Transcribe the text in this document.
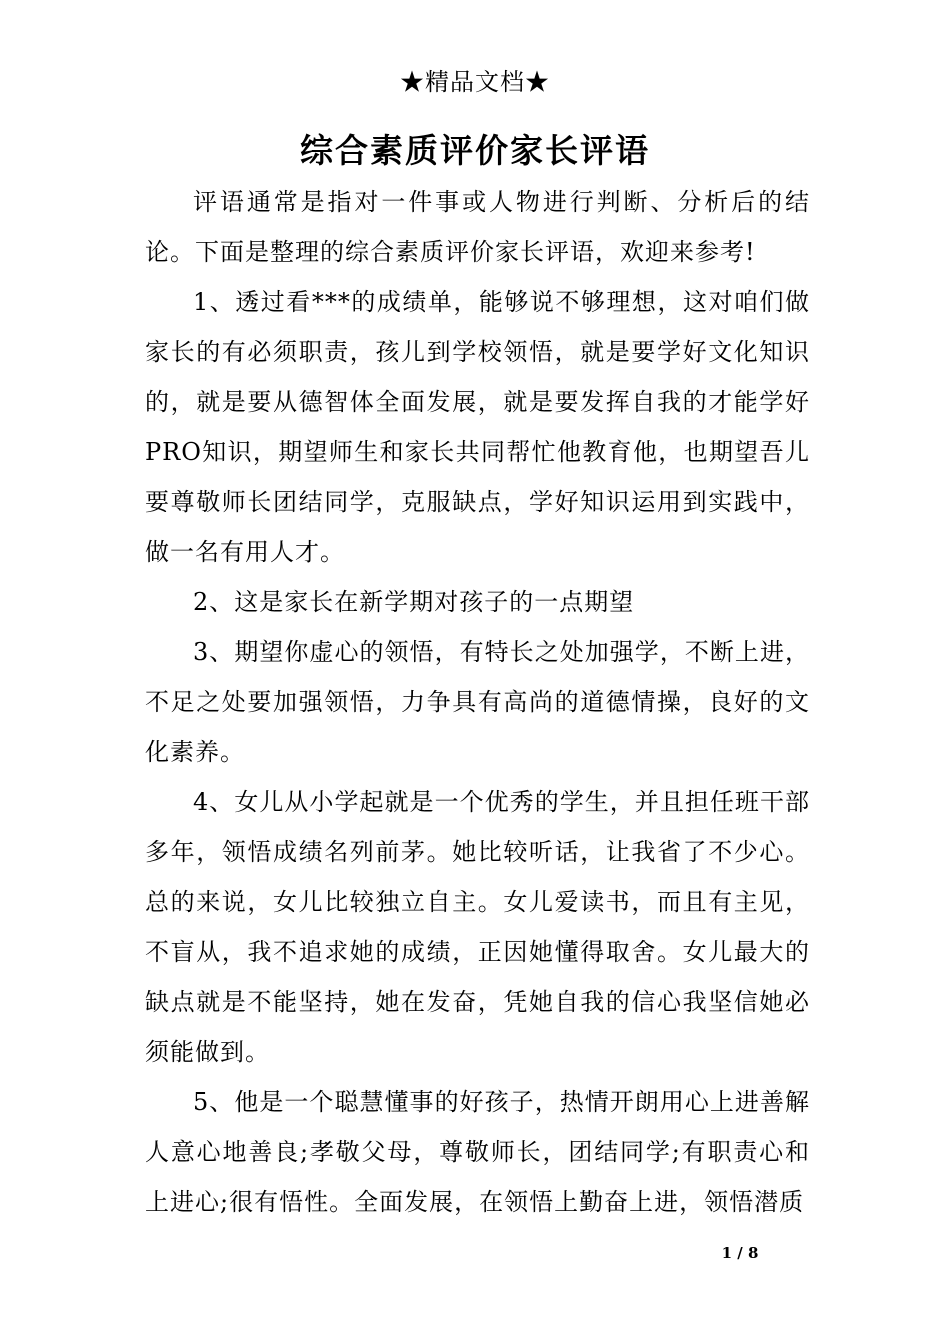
★精品文档★
综合素质评价家长评语

评语通常是指对一件事或人物进行判断、分析后的结论。下面是整理的综合素质评价家长评语，欢迎来参考!

1、透过看***的成绩单，能够说不够理想，这对咱们做家长的有必须职责，孩儿到学校领悟，就是要学好文化知识的，就是要从德智体全面发展，就是要发挥自我的才能学好PRO知识，期望师生和家长共同帮忙他教育他，也期望吾儿要尊敬师长团结同学，克服缺点，学好知识运用到实践中，做一名有用人才。

2、这是家长在新学期对孩子的一点期望

3、期望你虚心的领悟，有特长之处加强学，不断上进，不足之处要加强领悟，力争具有高尚的道德情操，良好的文化素养。

4、女儿从小学起就是一个优秀的学生，并且担任班干部多年，领悟成绩名列前茅。她比较听话，让我省了不少心。总的来说，女儿比较独立自主。女儿爱读书，而且有主见，不盲从，我不追求她的成绩，正因她懂得取舍。女儿最大的缺点就是不能坚持，她在发奋，凭她自我的信心我坚信她必须能做到。

5、他是一个聪慧懂事的好孩子，热情开朗用心上进善解人意心地善良;孝敬父母，尊敬师长，团结同学;有职责心和上进心;很有悟性。全面发展，在领悟上勤奋上进，领悟潜质

1 / 8
